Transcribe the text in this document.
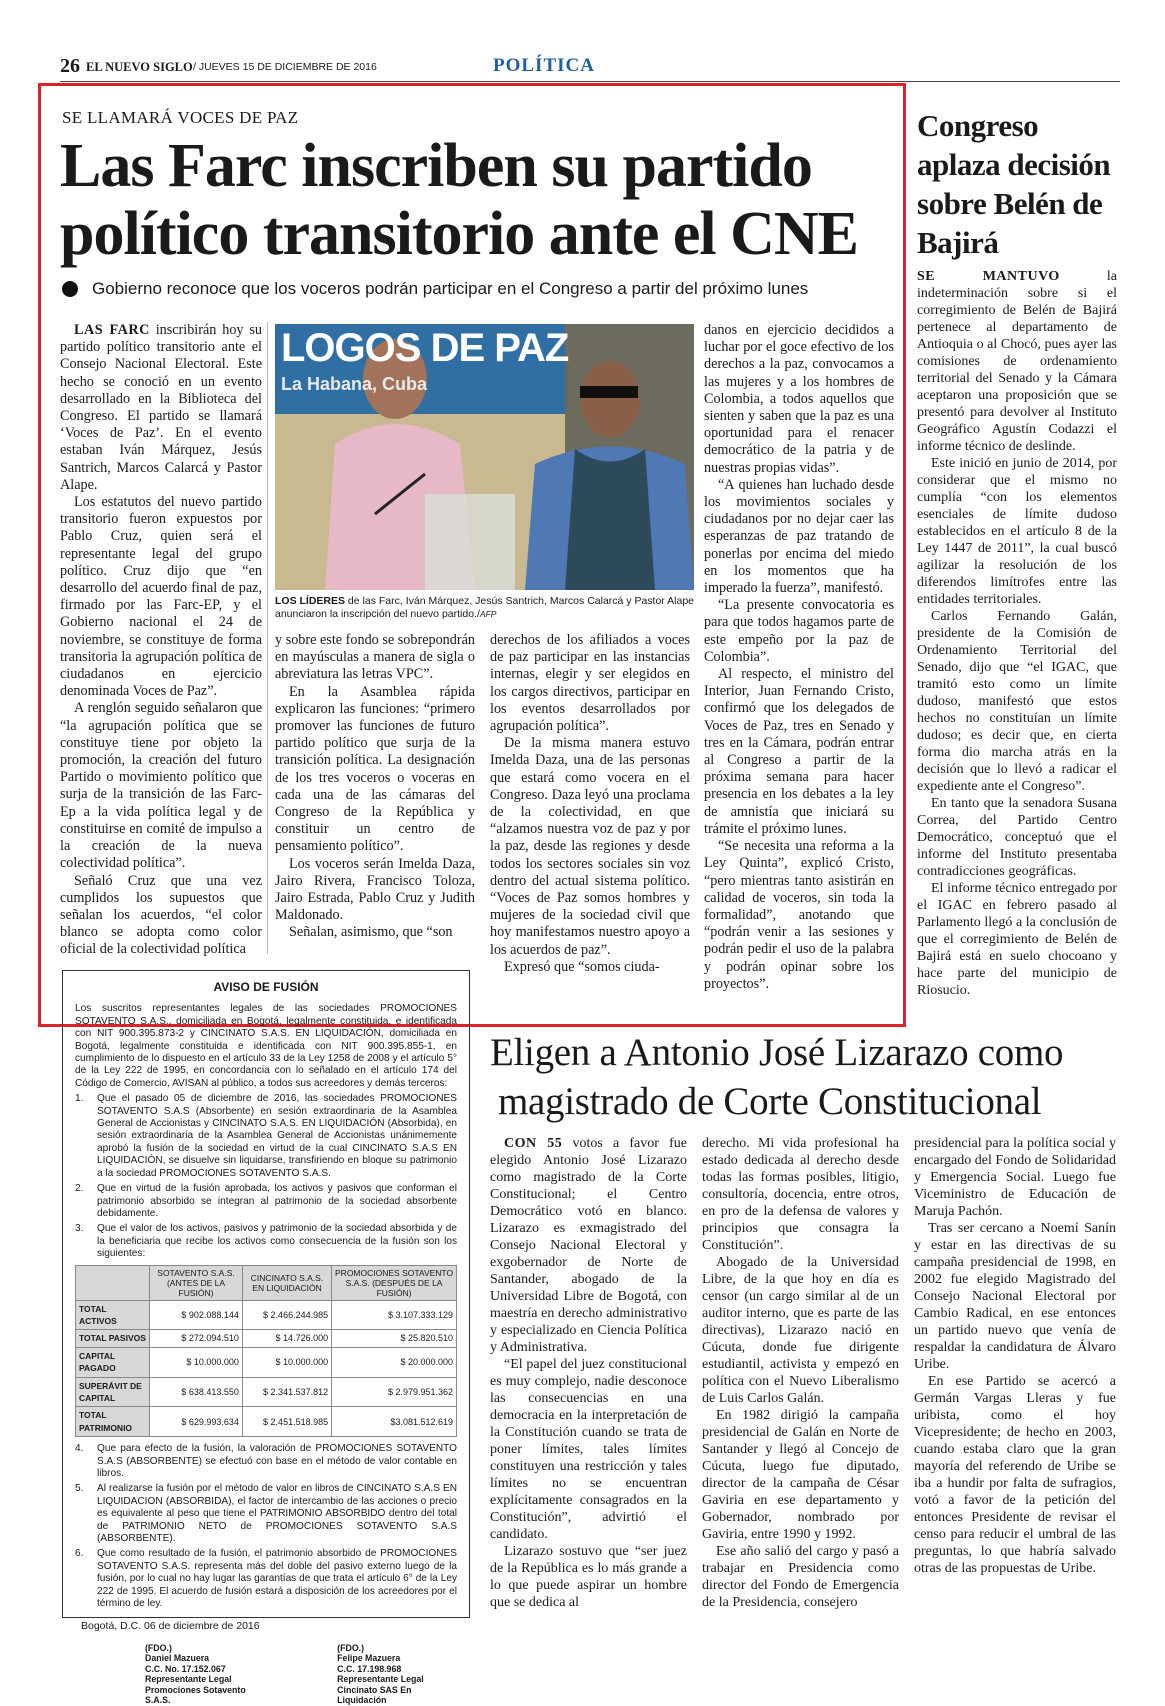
26 EL NUEVO SIGLO / JUEVES 15 DE DICIEMBRE DE 2016	POLÍTICA
SE LLAMARÁ VOCES DE PAZ
Las Farc inscriben su partido
político transitorio ante el CNE
Gobierno reconoce que los voceros podrán participar en el Congreso a partir del próximo lunes
LOGOS DE PAZ
La Habana, Cuba
LOS LÍDERES de las Farc, Iván Márquez, Jesús Santrich, Marcos Calarcá y Pastor Alape anunciaron la inscripción del nuevo partido./AFP

LAS FARC inscribirán hoy su partido político transitorio ante el Consejo Nacional Electoral. Este hecho se conoció en un evento desarrollado en la Biblioteca del Congreso. El partido se llamará ‘Voces de Paz’. En el evento estaban Iván Márquez, Jesús Santrich, Marcos Calarcá y Pastor Alape.

Los estatutos del nuevo partido transitorio fueron expuestos por Pablo Cruz, quien será el representante legal del grupo político. Cruz dijo que “en desarrollo del acuerdo final de paz, firmado por las Farc-EP, y el Gobierno nacional el 24 de noviembre, se constituye de forma transitoria la agrupación política de ciudadanos en ejercicio denominada Voces de Paz”.

A renglón seguido señalaron que “la agrupación política que se constituye tiene por objeto la promoción, la creación del futuro Partido o movimiento político que surja de la transición de las Farc-Ep a la vida política legal y de constituirse en comité de impulso a la creación de la nueva colectividad política”.

Señaló Cruz que una vez cumplidos los supuestos que señalan los acuerdos, “el color blanco se adopta como color oficial de la colectividad política

y sobre este fondo se sobrepondrán en mayúsculas a manera de sigla o abreviatura las letras VPC”.

En la Asamblea rápida explicaron las funciones: “primero promover las funciones de futuro partido político que surja de la transición política. La designación de los tres voceros o voceras en cada una de las cámaras del Congreso de la República y constituir un centro de pensamiento político”.

Los voceros serán Imelda Daza, Jairo Rivera, Francisco Toloza, Jairo Estrada, Pablo Cruz y Judith Maldonado.

Señalan, asimismo, que “son

derechos de los afiliados a voces de paz participar en las instancias internas, elegir y ser elegidos en los cargos directivos, participar en los eventos desarrollados por agrupación política”.

De la misma manera estuvo Imelda Daza, una de las personas que estará como vocera en el Congreso. Daza leyó una proclama de la colectividad, en que “alzamos nuestra voz de paz y por la paz, desde las regiones y desde todos los sectores sociales sin voz dentro del actual sistema político. “Voces de Paz somos hombres y mujeres de la sociedad civil que hoy manifestamos nuestro apoyo a los acuerdos de paz”.

Expresó que “somos ciuda-

danos en ejercicio decididos a luchar por el goce efectivo de los derechos a la paz, convocamos a las mujeres y a los hombres de Colombia, a todos aquellos que sienten y saben que la paz es una oportunidad para el renacer democrático de la patria y de nuestras propias vidas”.

“A quienes han luchado desde los movimientos sociales y ciudadanos por no dejar caer las esperanzas de paz tratando de ponerlas por encima del miedo en los momentos que ha imperado la fuerza”, manifestó.

“La presente convocatoria es para que todos hagamos parte de este empeño por la paz de Colombia”.

Al respecto, el ministro del Interior, Juan Fernando Cristo, confirmó que los delegados de Voces de Paz, tres en Senado y tres en la Cámara, podrán entrar al Congreso a partir de la próxima semana para hacer presencia en los debates a la ley de amnistía que iniciará su trámite el próximo lunes.

“Se necesita una reforma a la Ley Quinta”, explicó Cristo, “pero mientras tanto asistirán en calidad de voceros, sin toda la formalidad”, anotando que “podrán venir a las sesiones y podrán pedir el uso de la palabra y podrán opinar sobre los proyectos”.

Congreso aplaza decisión sobre Belén de Bajirá

SE MANTUVO la indeterminación sobre si el corregimiento de Belén de Bajirá pertenece al departamento de Antioquia o al Chocó, pues ayer las comisiones de ordenamiento territorial del Senado y la Cámara aceptaron una proposición que se presentó para devolver al Instituto Geográfico Agustín Codazzi el informe técnico de deslinde.

Este inició en junio de 2014, por considerar que el mismo no cumplía “con los elementos esenciales de límite dudoso establecidos en el artículo 8 de la Ley 1447 de 2011”, la cual buscó agilizar la resolución de los diferendos limítrofes entre las entidades territoriales.

Carlos Fernando Galán, presidente de la Comisión de Ordenamiento Territorial del Senado, dijo que “el IGAC, que tramitó esto como un límite dudoso, manifestó que estos hechos no constituían un límite dudoso; es decir que, en cierta forma dio marcha atrás en la decisión que lo llevó a radicar el expediente ante el Congreso”.

En tanto que la senadora Susana Correa, del Partido Centro Democrático, conceptuó que el informe del Instituto presentaba contradicciones geográficas.

El informe técnico entregado por el IGAC en febrero pasado al Parlamento llegó a la conclusión de que el corregimiento de Belén de Bajirá está en suelo chocoano y hace parte del municipio de Riosucio.

AVISO DE FUSIÓN

Los suscritos representantes legales de las sociedades PROMOCIONES SOTAVENTO S.A.S., domiciliada en Bogotá, legalmente constituida, e identificada con NIT 900.395.873-2 y CINCINATO S.A.S. EN LIQUIDACIÓN, domiciliada en Bogotá, legalmente constituida e identificada con NIT 900.395.855-1, en cumplimiento de lo dispuesto en el artículo 33 de la Ley 1258 de 2008 y el artículo 5° de la Ley 222 de 1995, en concordancia con lo señalado en el artículo 174 del Código de Comercio, AVISAN al público, a todos sus acreedores y demás terceros:

1.	Que el pasado 05 de diciembre de 2016, las sociedades PROMOCIONES SOTAVENTO S.A.S (Absorbente) en sesión extraordinaria de la Asamblea General de Accionistas y CINCINATO S.A.S. EN LIQUIDACIÓN (Absorbida), en sesión extraordinaria de la Asamblea General de Accionistas unánimemente aprobó la fusión de la sociedad en virtud de la cual CINCINATO S.A.S EN LIQUIDACIÓN, se disuelve sin liquidarse, transfiriendo en bloque su patrimonio a la sociedad PROMOCIONES SOTAVENTO S.A.S.
2.	Que en virtud de la fusión aprobada, los activos y pasivos que conforman el patrimonio absorbido se integran al patrimonio de la sociedad absorbente debidamente.
3.	Que el valor de los activos, pasivos y patrimonio de la sociedad absorbida y de la beneficiaria que recibe los activos como consecuencia de la fusión son los siguientes:
	SOTAVENTO S.A.S. (ANTES DE LA FUSIÓN)	CINCINATO S.A.S. EN LIQUIDACIÓN	PROMOCIONES SOTAVENTO S.A.S. (DESPUÉS DE LA FUSIÓN)
TOTAL ACTIVOS	$ 902.088.144	$ 2.466.244.985	$ 3.107.333.129
TOTAL PASIVOS	$ 272.094.510	$ 14.726.000	$ 25.820.510
CAPITAL PAGADO	$ 10.000.000	$ 10.000.000	$ 20.000.000
SUPERÁVIT DE CAPITAL	$ 638.413.550	$ 2.341.537.812	$ 2.979.951.362
TOTAL PATRIMONIO	$ 629.993.634	$ 2.451.518.985	$3.081.512.619
4.	Que para efecto de la fusión, la valoración de PROMOCIONES SOTAVENTO S.A.S (ABSORBENTE) se efectuó con base en el método de valor contable en libros.
5.	Al realizarse la fusión por el método de valor en libros de CINCINATO S.A.S EN LIQUIDACION (ABSORBIDA), el factor de intercambio de las acciones o precio es equivalente al peso que tiene el PATRIMONIO ABSORBIDO dentro del total de PATRIMONIO NETO de PROMOCIONES SOTAVENTO S.A.S (ABSORBENTE).
6.	Que como resultado de la fusión, el patrimonio absorbido de PROMOCIONES SOTAVENTO S.A.S. representa más del doble del pasivo externo luego de la fusión, por lo cual no hay lugar las garantías de que trata el artículo 6° de la Ley 222 de 1995. El acuerdo de fusión estará a disposición de los acreedores por el término de ley.
Bogotá, D.C. 06 de diciembre de 2016
(FDO.)
Daniel Mazuera
C.C. No. 17.152.067
Representante Legal
Promociones Sotavento S.A.S.
(FDO.)
Felipe Mazuera
C.C. 17.198.968
Representante Legal
Cincinato SAS En Liquidación
Eligen a Antonio José Lizarazo como
magistrado de Corte Constitucional

CON 55 votos a favor fue elegido Antonio José Lizarazo como magistrado de la Corte Constitucional; el Centro Democrático votó en blanco. Lizarazo es exmagistrado del Consejo Nacional Electoral y exgobernador de Norte de Santander, abogado de la Universidad Libre de Bogotá, con maestría en derecho administrativo y especializado en Ciencia Política y Administrativa.

“El papel del juez constitucional es muy complejo, nadie desconoce las consecuencias en una democracia en la interpretación de la Constitución cuando se trata de poner límites, tales límites constituyen una restricción y tales límites no se encuentran explícitamente consagrados en la Constitución”, advirtió el candidato.

Lizarazo sostuvo que “ser juez de la República es lo más grande a lo que puede aspirar un hombre que se dedica al

derecho. Mi vida profesional ha estado dedicada al derecho desde todas las formas posibles, litigio, consultoría, docencia, entre otros, en pro de la defensa de valores y principios que consagra la Constitución”.

Abogado de la Universidad Libre, de la que hoy en día es censor (un cargo similar al de un auditor interno, que es parte de las directivas), Lizarazo nació en Cúcuta, donde fue dirigente estudiantil, activista y empezó en política con el Nuevo Liberalismo de Luis Carlos Galán.

En 1982 dirigió la campaña presidencial de Galán en Norte de Santander y llegó al Concejo de Cúcuta, luego fue diputado, director de la campaña de César Gaviria en ese departamento y Gobernador, nombrado por Gaviria, entre 1990 y 1992.

Ese año salió del cargo y pasó a trabajar en Presidencia como director del Fondo de Emergencia de la Presidencia, consejero

presidencial para la política social y encargado del Fondo de Solidaridad y Emergencia Social. Luego fue Viceministro de Educación de Maruja Pachón.

Tras ser cercano a Noemí Sanín y estar en las directivas de su campaña presidencial de 1998, en 2002 fue elegido Magistrado del Consejo Nacional Electoral por Cambio Radical, en ese entonces un partido nuevo que venía de respaldar la candidatura de Álvaro Uribe.

En ese Partido se acercó a Germán Vargas Lleras y fue uribista, como el hoy Vicepresidente; de hecho en 2003, cuando estaba claro que la gran mayoría del referendo de Uribe se iba a hundir por falta de sufragios, votó a favor de la petición del entonces Presidente de revisar el censo para reducir el umbral de las preguntas, lo que habría salvado otras de las propuestas de Uribe.
